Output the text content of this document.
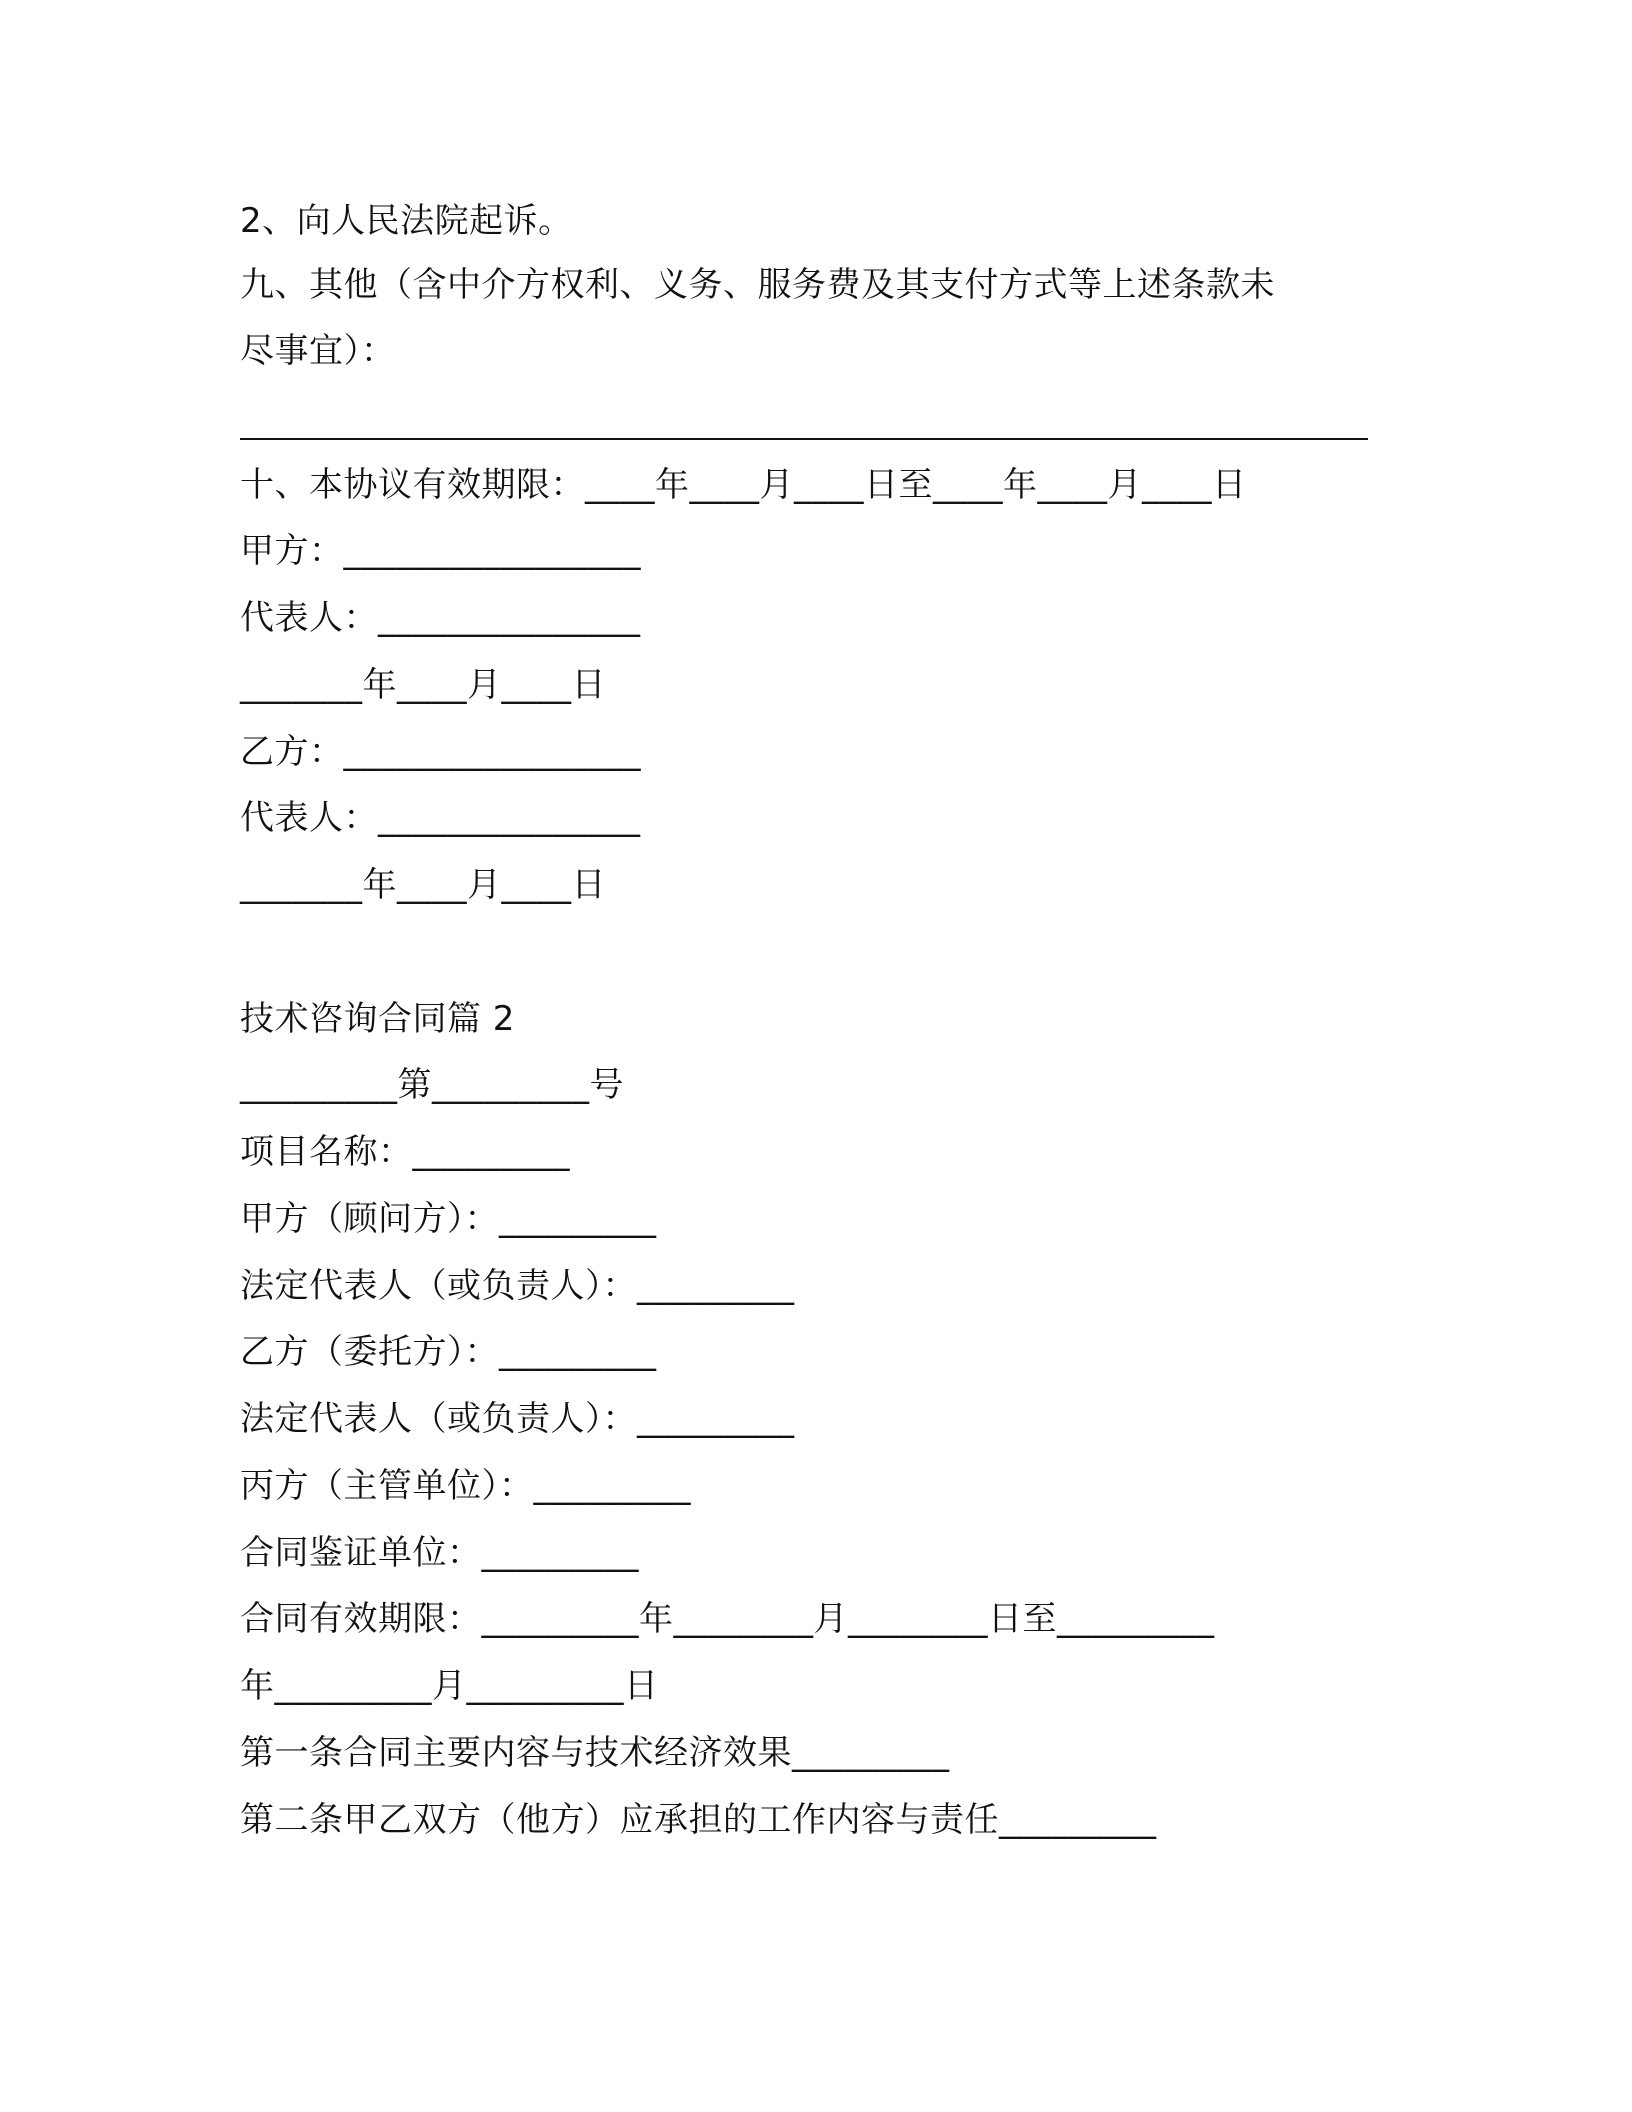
2、向人民法院起诉。
九、其他（含中介方权利、义务、服务费及其支付方式等上述条款未
尽事宜）：
十、本协议有效期限：____年____月____日至____年____月____日
甲方：_________________
代表人：_______________
_______年____月____日
乙方：_________________
代表人：_______________
_______年____月____日
技术咨询合同篇 2
_________第_________号
项目名称：_________
甲方（顾问方）：_________
法定代表人（或负责人）：_________
乙方（委托方）：_________
法定代表人（或负责人）：_________
丙方（主管单位）：_________
合同鉴证单位：_________
合同有效期限：_________年________月________日至_________
年_________月_________日
第一条合同主要内容与技术经济效果_________
第二条甲乙双方（他方）应承担的工作内容与责任_________
